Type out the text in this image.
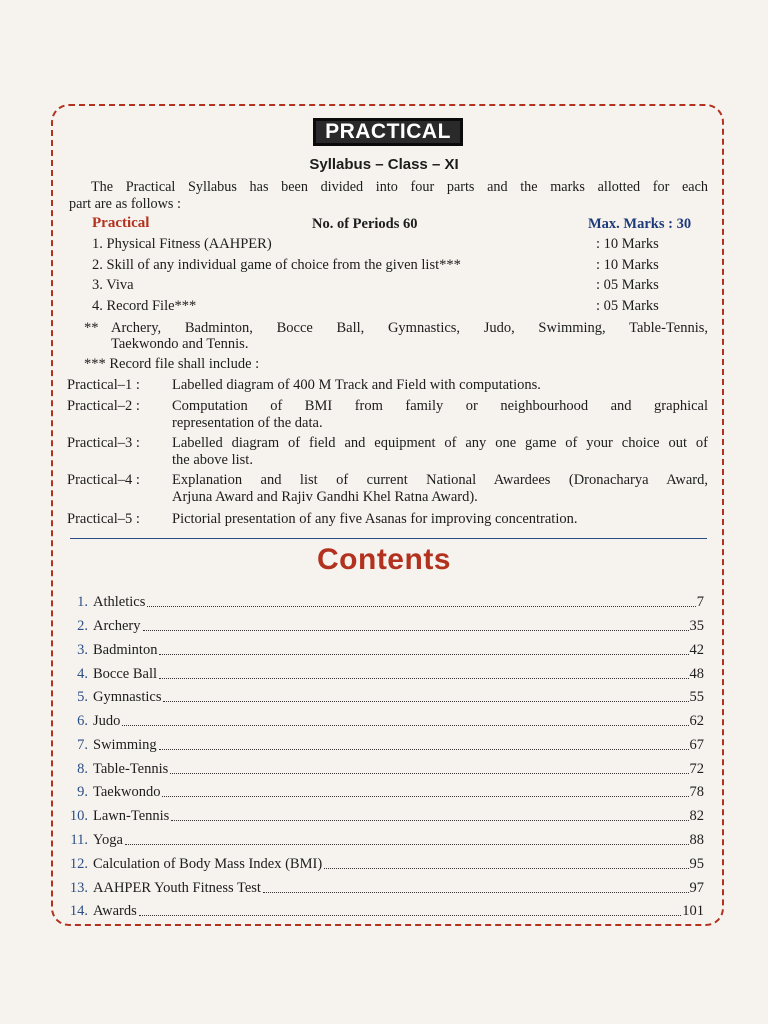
PRACTICAL
Syllabus – Class – XI
The Practical Syllabus has been divided into four parts and the marks allotted for each
part are as follows :
Practical	No. of Periods 60	Max. Marks : 30
1. Physical Fitness (AAHPER)	: 10 Marks
2. Skill of any individual game of choice from the given list***	: 10 Marks
3. Viva	: 05 Marks
4. Record File***	: 05 Marks
** Archery, Badminton, Bocce Ball, Gymnastics, Judo, Swimming, Table-Tennis,
Taekwondo and Tennis.
*** Record file shall include :
Practical–1 : Labelled diagram of 400 M Track and Field with computations.
Practical–2 : Computation of BMI from family or neighbourhood and graphical
representation of the data.
Practical–3 : Labelled diagram of field and equipment of any one game of your choice out of
the above list.
Practical–4 : Explanation and list of current National Awardees (Dronacharya Award,
Arjuna Award and Rajiv Gandhi Khel Ratna Award).
Practical–5 : Pictorial presentation of any five Asanas for improving concentration.
Contents
1. Athletics	7
2. Archery	35
3. Badminton	42
4. Bocce Ball	48
5. Gymnastics	55
6. Judo	62
7. Swimming	67
8. Table-Tennis	72
9. Taekwondo	78
10. Lawn-Tennis	82
11. Yoga	88
12. Calculation of Body Mass Index (BMI)	95
13. AAHPER Youth Fitness Test	97
14. Awards	101
